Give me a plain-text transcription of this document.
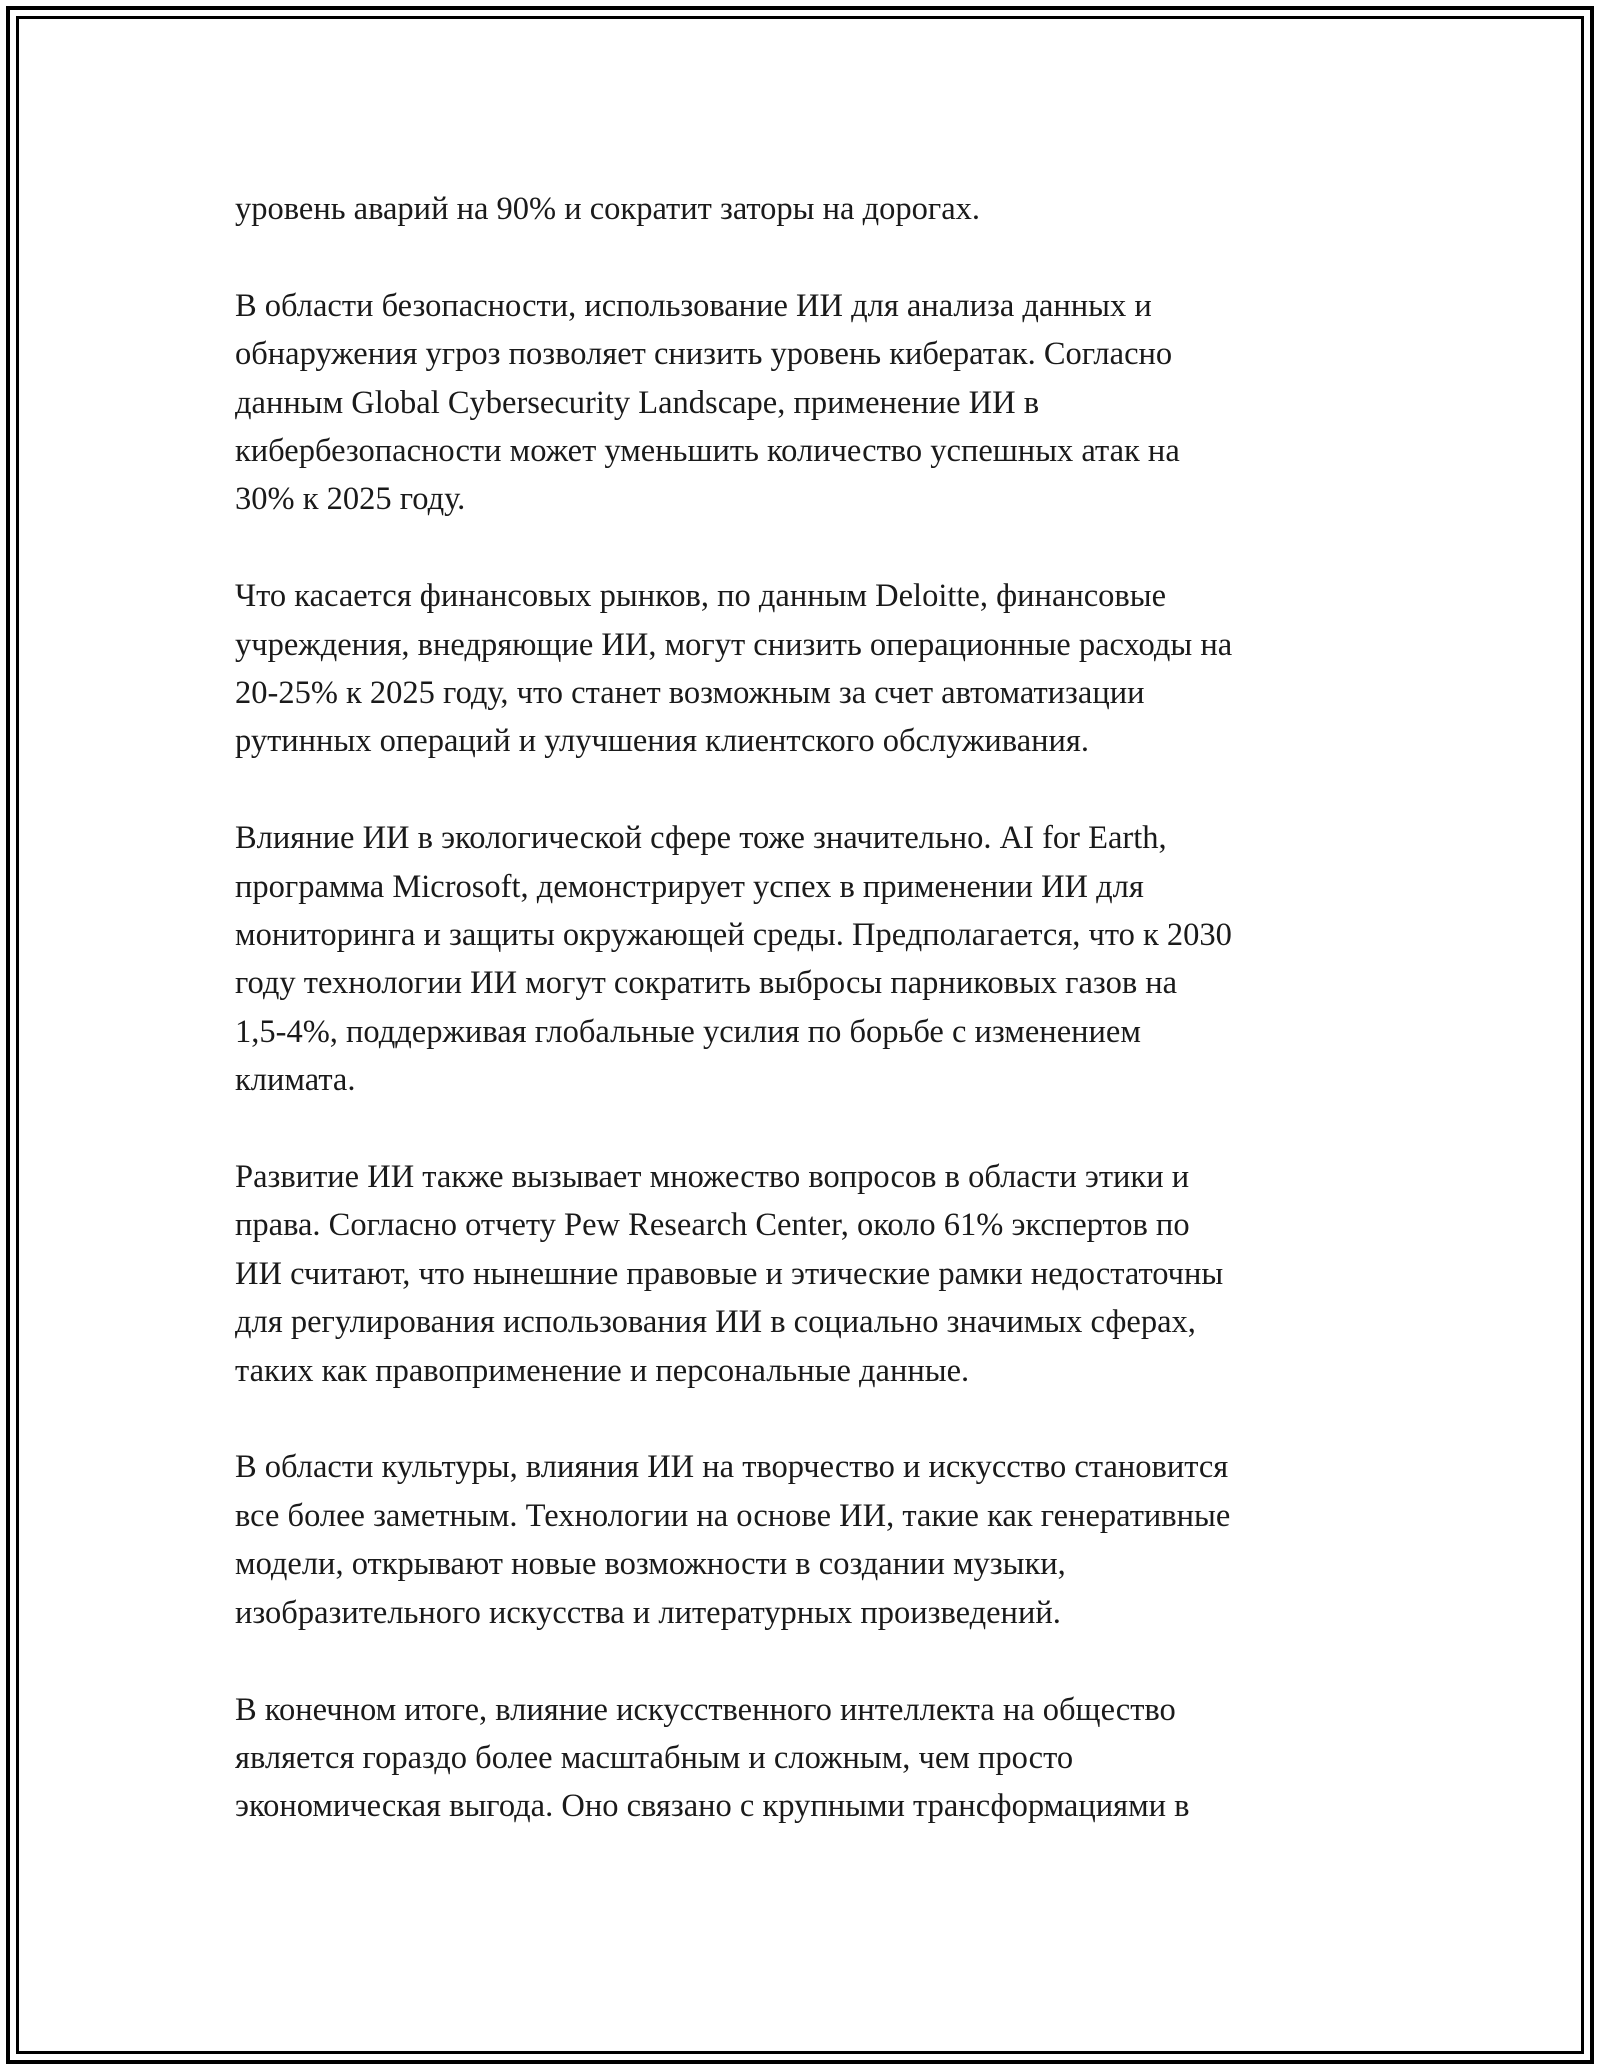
уровень аварий на 90% и сократит заторы на дорогах.

В области безопасности, использование ИИ для анализа данных и
обнаружения угроз позволяет снизить уровень кибератак. Согласно
данным Global Cybersecurity Landscape, применение ИИ в
кибербезопасности может уменьшить количество успешных атак на
30% к 2025 году.

Что касается финансовых рынков, по данным Deloitte, финансовые
учреждения, внедряющие ИИ, могут снизить операционные расходы на
20-25% к 2025 году, что станет возможным за счет автоматизации
рутинных операций и улучшения клиентского обслуживания.

Влияние ИИ в экологической сфере тоже значительно. AI for Earth,
программа Microsoft, демонстрирует успех в применении ИИ для
мониторинга и защиты окружающей среды. Предполагается, что к 2030
году технологии ИИ могут сократить выбросы парниковых газов на
1,5-4%, поддерживая глобальные усилия по борьбе с изменением
климата.

Развитие ИИ также вызывает множество вопросов в области этики и
права. Согласно отчету Pew Research Center, около 61% экспертов по
ИИ считают, что нынешние правовые и этические рамки недостаточны
для регулирования использования ИИ в социально значимых сферах,
таких как правоприменение и персональные данные.

В области культуры, влияния ИИ на творчество и искусство становится
все более заметным. Технологии на основе ИИ, такие как генеративные
модели, открывают новые возможности в создании музыки,
изобразительного искусства и литературных произведений.

В конечном итоге, влияние искусственного интеллекта на общество
является гораздо более масштабным и сложным, чем просто
экономическая выгода. Оно связано с крупными трансформациями в
